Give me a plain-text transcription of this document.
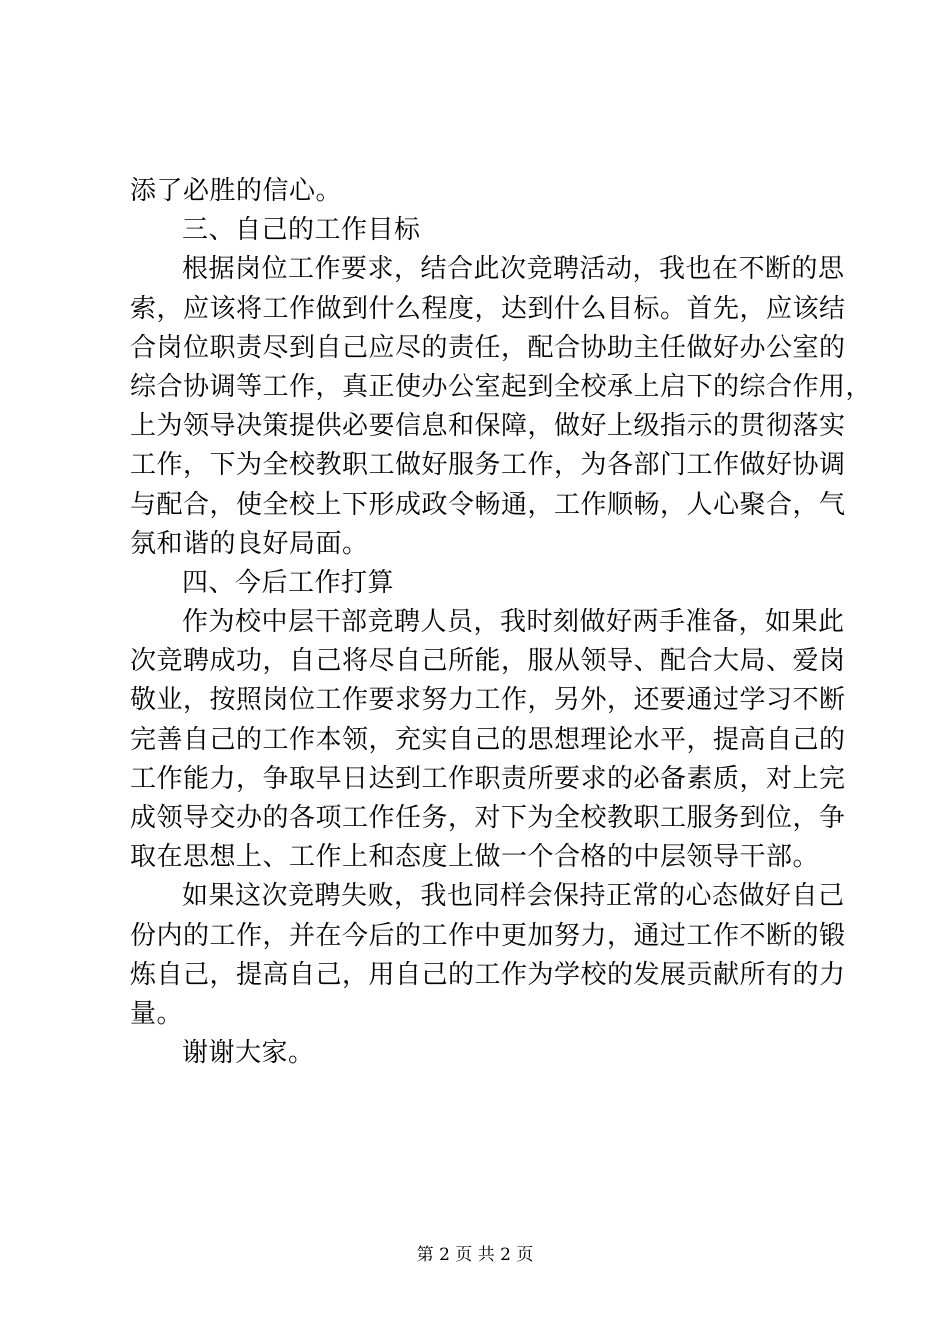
添了必胜的信心。
三、自己的工作目标
根据岗位工作要求，结合此次竞聘活动，我也在不断的思
索，应该将工作做到什么程度，达到什么目标。首先，应该结
合岗位职责尽到自己应尽的责任，配合协助主任做好办公室的
综合协调等工作，真正使办公室起到全校承上启下的综合作用，
上为领导决策提供必要信息和保障，做好上级指示的贯彻落实
工作，下为全校教职工做好服务工作，为各部门工作做好协调
与配合，使全校上下形成政令畅通，工作顺畅，人心聚合，气
氛和谐的良好局面。
四、今后工作打算
作为校中层干部竞聘人员，我时刻做好两手准备，如果此
次竞聘成功，自己将尽自己所能，服从领导、配合大局、爱岗
敬业，按照岗位工作要求努力工作，另外，还要通过学习不断
完善自己的工作本领，充实自己的思想理论水平，提高自己的
工作能力，争取早日达到工作职责所要求的必备素质，对上完
成领导交办的各项工作任务，对下为全校教职工服务到位，争
取在思想上、工作上和态度上做一个合格的中层领导干部。
如果这次竞聘失败，我也同样会保持正常的心态做好自己
份内的工作，并在今后的工作中更加努力，通过工作不断的锻
炼自己，提高自己，用自己的工作为学校的发展贡献所有的力
量。
谢谢大家。
第 2 页 共 2 页
